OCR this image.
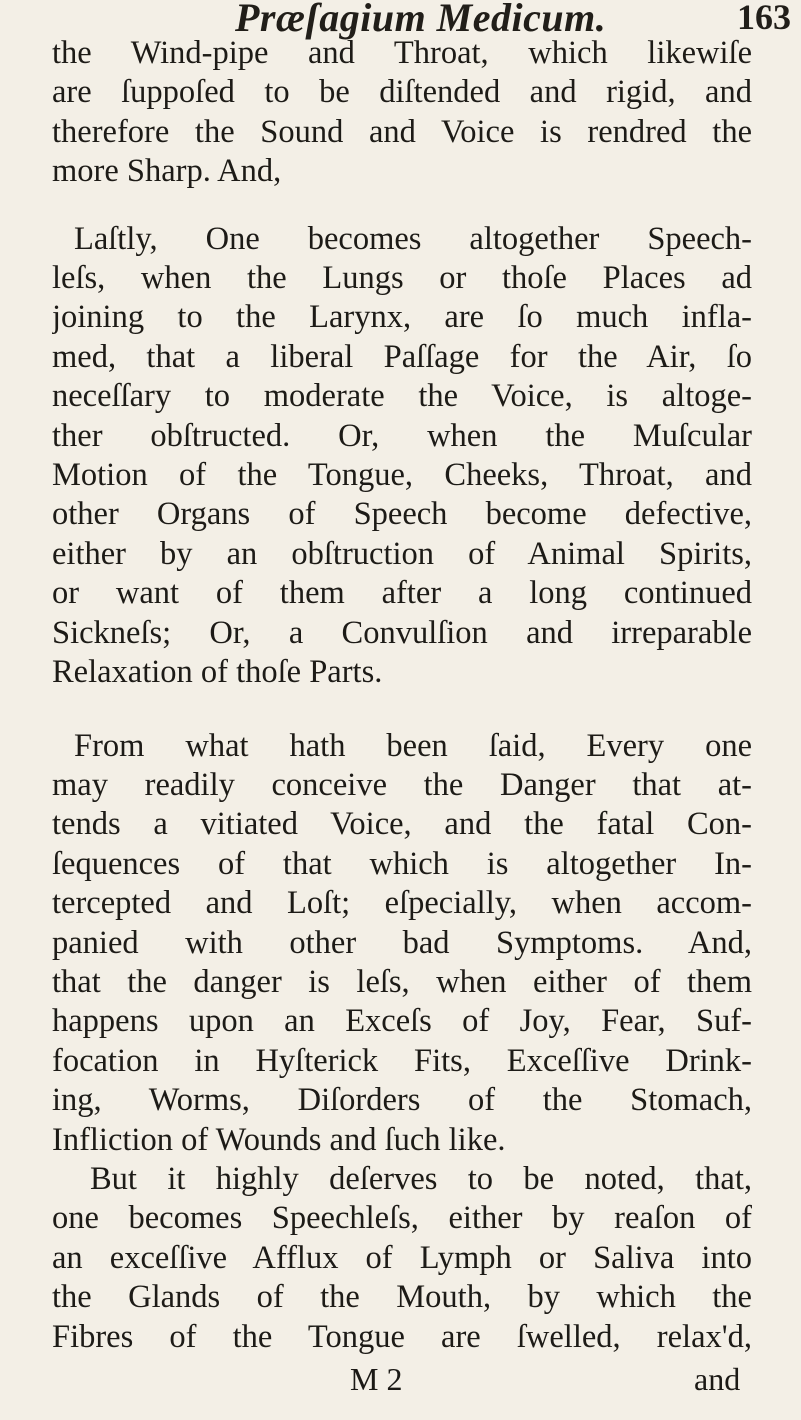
Præſagium Medicum.	163
the Wind-pipe and Throat, which likewiſe
are ſuppoſed to be diſtended and rigid, and
therefore the Sound and Voice is rendred the
more Sharp. And,
Laſtly, One becomes altogether Speech-
leſs, when the Lungs or thoſe Places ad
joining to the Larynx, are ſo much infla-
med, that a liberal Paſſage for the Air, ſo
neceſſary to moderate the Voice, is altoge-
ther obſtructed. Or, when the Muſcular
Motion of the Tongue, Cheeks, Throat, and
other Organs of Speech become defective,
either by an obſtruction of Animal Spirits,
or want of them after a long continued
Sickneſs; Or, a Convulſion and irreparable
Relaxation of thoſe Parts.
From what hath been ſaid, Every one
may readily conceive the Danger that at-
tends a vitiated Voice, and the fatal Con-
ſequences of that which is altogether In-
tercepted and Loſt; eſpecially, when accom-
panied with other bad Symptoms. And,
that the danger is leſs, when either of them
happens upon an Exceſs of Joy, Fear, Suf-
focation in Hyſterick Fits, Exceſſive Drink-
ing, Worms, Diſorders of the Stomach,
Infliction of Wounds and ſuch like.
But it highly deſerves to be noted, that,
one becomes Speechleſs, either by reaſon of
an exceſſive Afflux of Lymph or Saliva into
the Glands of the Mouth, by which the
Fibres of the Tongue are ſwelled, relax'd,
M 2	and
